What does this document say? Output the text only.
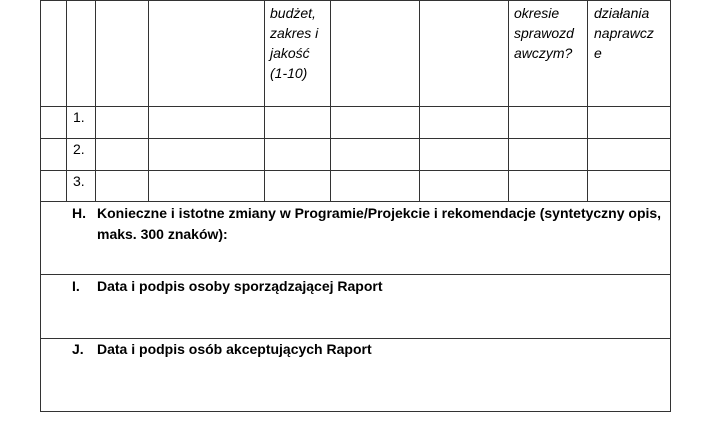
budżet,
zakres i
jakość
(1-10)
okresie
sprawozd
awczym?
działania
naprawcz
e
1.
2.
3.
H. Konieczne i istotne zmiany w Programie/Projekcie i rekomendacje (syntetyczny opis,
maks. 300 znaków):
I. Data i podpis osoby sporządzającej Raport
J. Data i podpis osób akceptujących Raport
